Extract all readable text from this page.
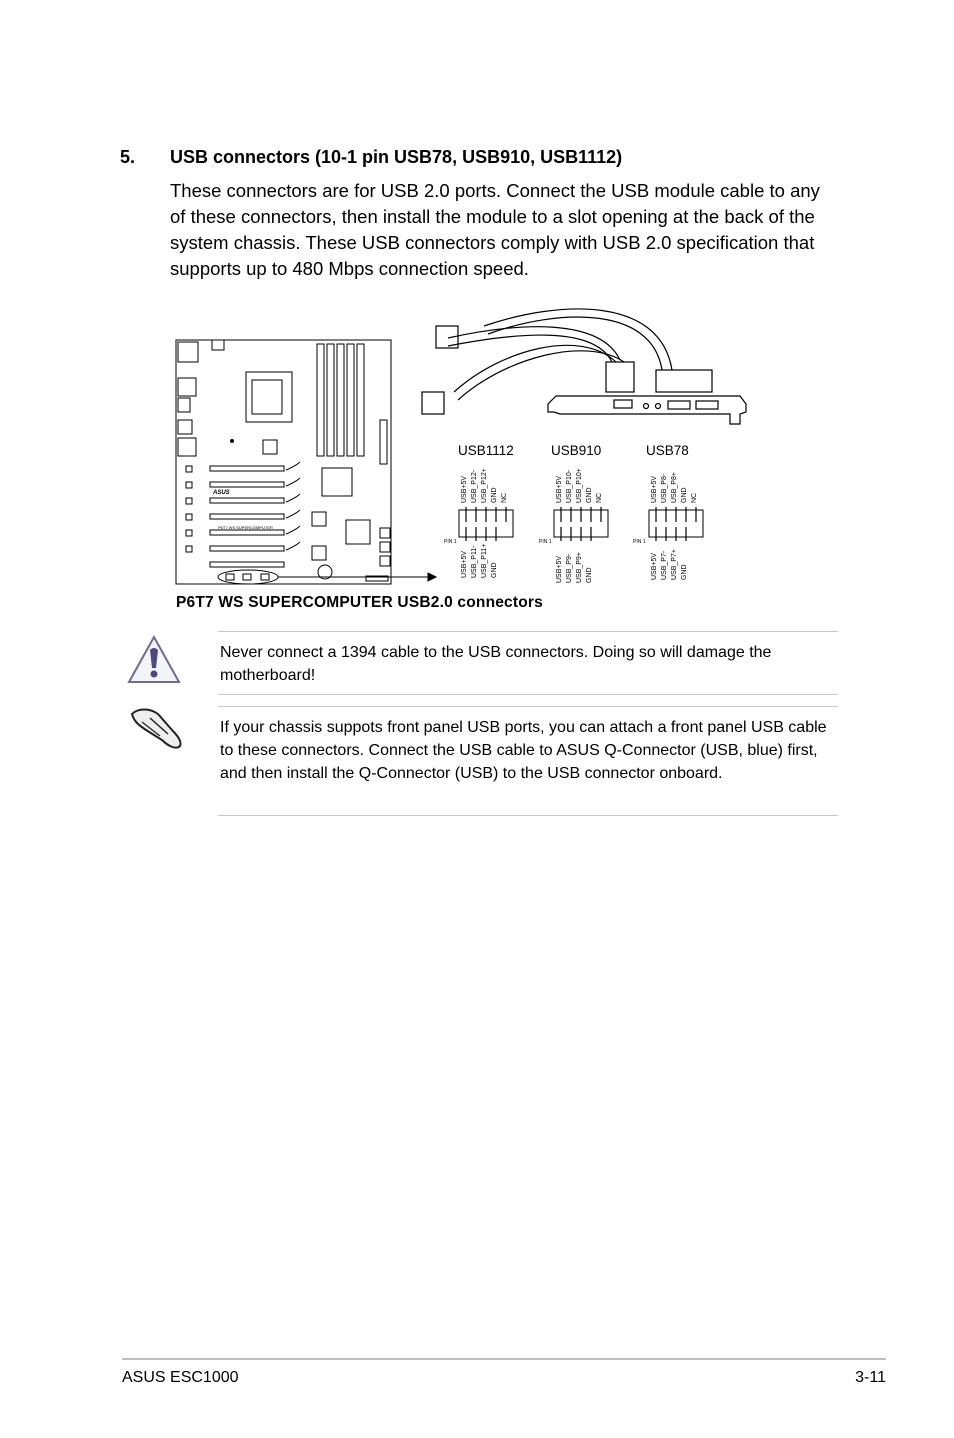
5. USB connectors (10-1 pin USB78, USB910, USB1112)
These connectors are for USB 2.0 ports. Connect the USB module cable to any of these connectors, then install the module to a slot opening at the back of the system chassis. These USB connectors comply with USB 2.0 specification that supports up to 480 Mbps connection speed.
ASUS
P6T7 WS SUPERCOMPUTER
USB1112
USB+5V USB_P12- USB_P12+ GND NC
USB+5V USB_P11- USB_P11+ GND
PIN 1
USB910
USB+5V USB_P10- USB_P10+ GND NC
USB+5V USB_P9- USB_P9+ GND
PIN 1
USB78
USB+5V USB_P8- USB_P8+ GND NC
USB+5V USB_P7- USB_P7+ GND
PIN 1
P6T7 WS SUPERCOMPUTER USB2.0 connectors
Never connect a 1394 cable to the USB connectors. Doing so will damage the motherboard!
If your chassis suppots front panel USB ports, you can attach a front panel USB cable to these connectors. Connect the USB cable to ASUS Q-Connector (USB, blue) first, and then install the Q-Connector (USB) to the USB connector onboard.
ASUS ESC1000	3-11
